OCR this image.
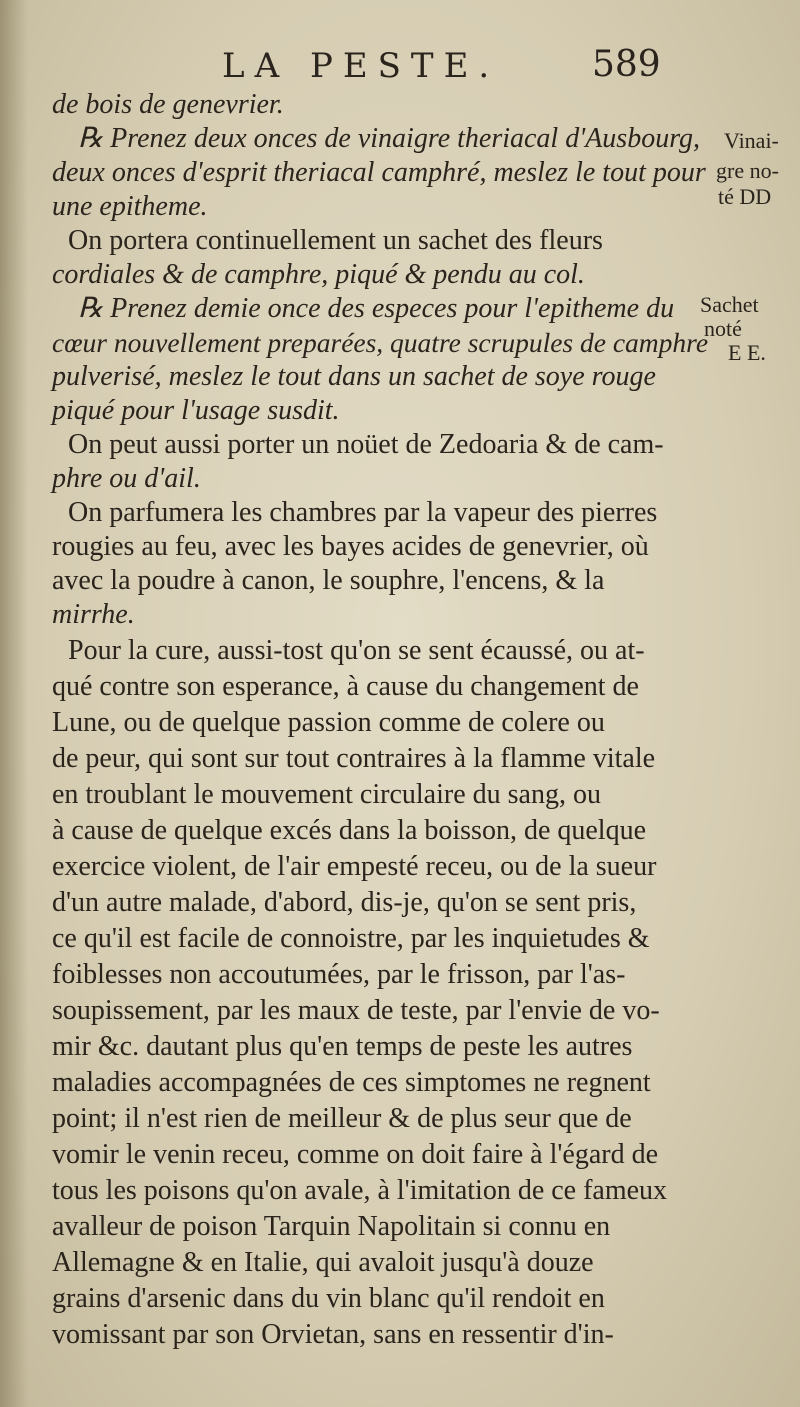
LA PESTE.	589
de bois de genevrier.
℞ Prenez deux onces de vinaigre theriacal d'Ausbourg,
deux onces d'esprit theriacal camphré, meslez le tout pour
une epitheme.
On portera continuellement un sachet des fleurs
cordiales & de camphre, piqué & pendu au col.
℞ Prenez demie once des especes pour l'epitheme du
cœur nouvellement preparées, quatre scrupules de camphre
pulverisé, meslez le tout dans un sachet de soye rouge
piqué pour l'usage susdit.
On peut aussi porter un noüet de Zedoaria & de cam-
phre ou d'ail.
On parfumera les chambres par la vapeur des pierres
rougies au feu, avec les bayes acides de genevrier, où
avec la poudre à canon, le souphre, l'encens, & la
mirrhe.
Pour la cure, aussi-tost qu'on se sent écaussé, ou at-
qué contre son esperance, à cause du changement de
Lune, ou de quelque passion comme de colere ou
de peur, qui sont sur tout contraires à la flamme vitale
en troublant le mouvement circulaire du sang, ou
à cause de quelque excés dans la boisson, de quelque
exercice violent, de l'air empesté receu, ou de la sueur
d'un autre malade, d'abord, dis-je, qu'on se sent pris,
ce qu'il est facile de connoistre, par les inquietudes &
foiblesses non accoutumées, par le frisson, par l'as-
soupissement, par les maux de teste, par l'envie de vo-
mir &c. dautant plus qu'en temps de peste les autres
maladies accompagnées de ces simptomes ne regnent
point; il n'est rien de meilleur & de plus seur que de
vomir le venin receu, comme on doit faire à l'égard de
tous les poisons qu'on avale, à l'imitation de ce fameux
avalleur de poison Tarquin Napolitain si connu en
Allemagne & en Italie, qui avaloit jusqu'à douze
grains d'arsenic dans du vin blanc qu'il rendoit en
vomissant par son Orvietan, sans en ressentir d'in-
Vinai-
gre no-
té DD
Sachet
noté
E E.
